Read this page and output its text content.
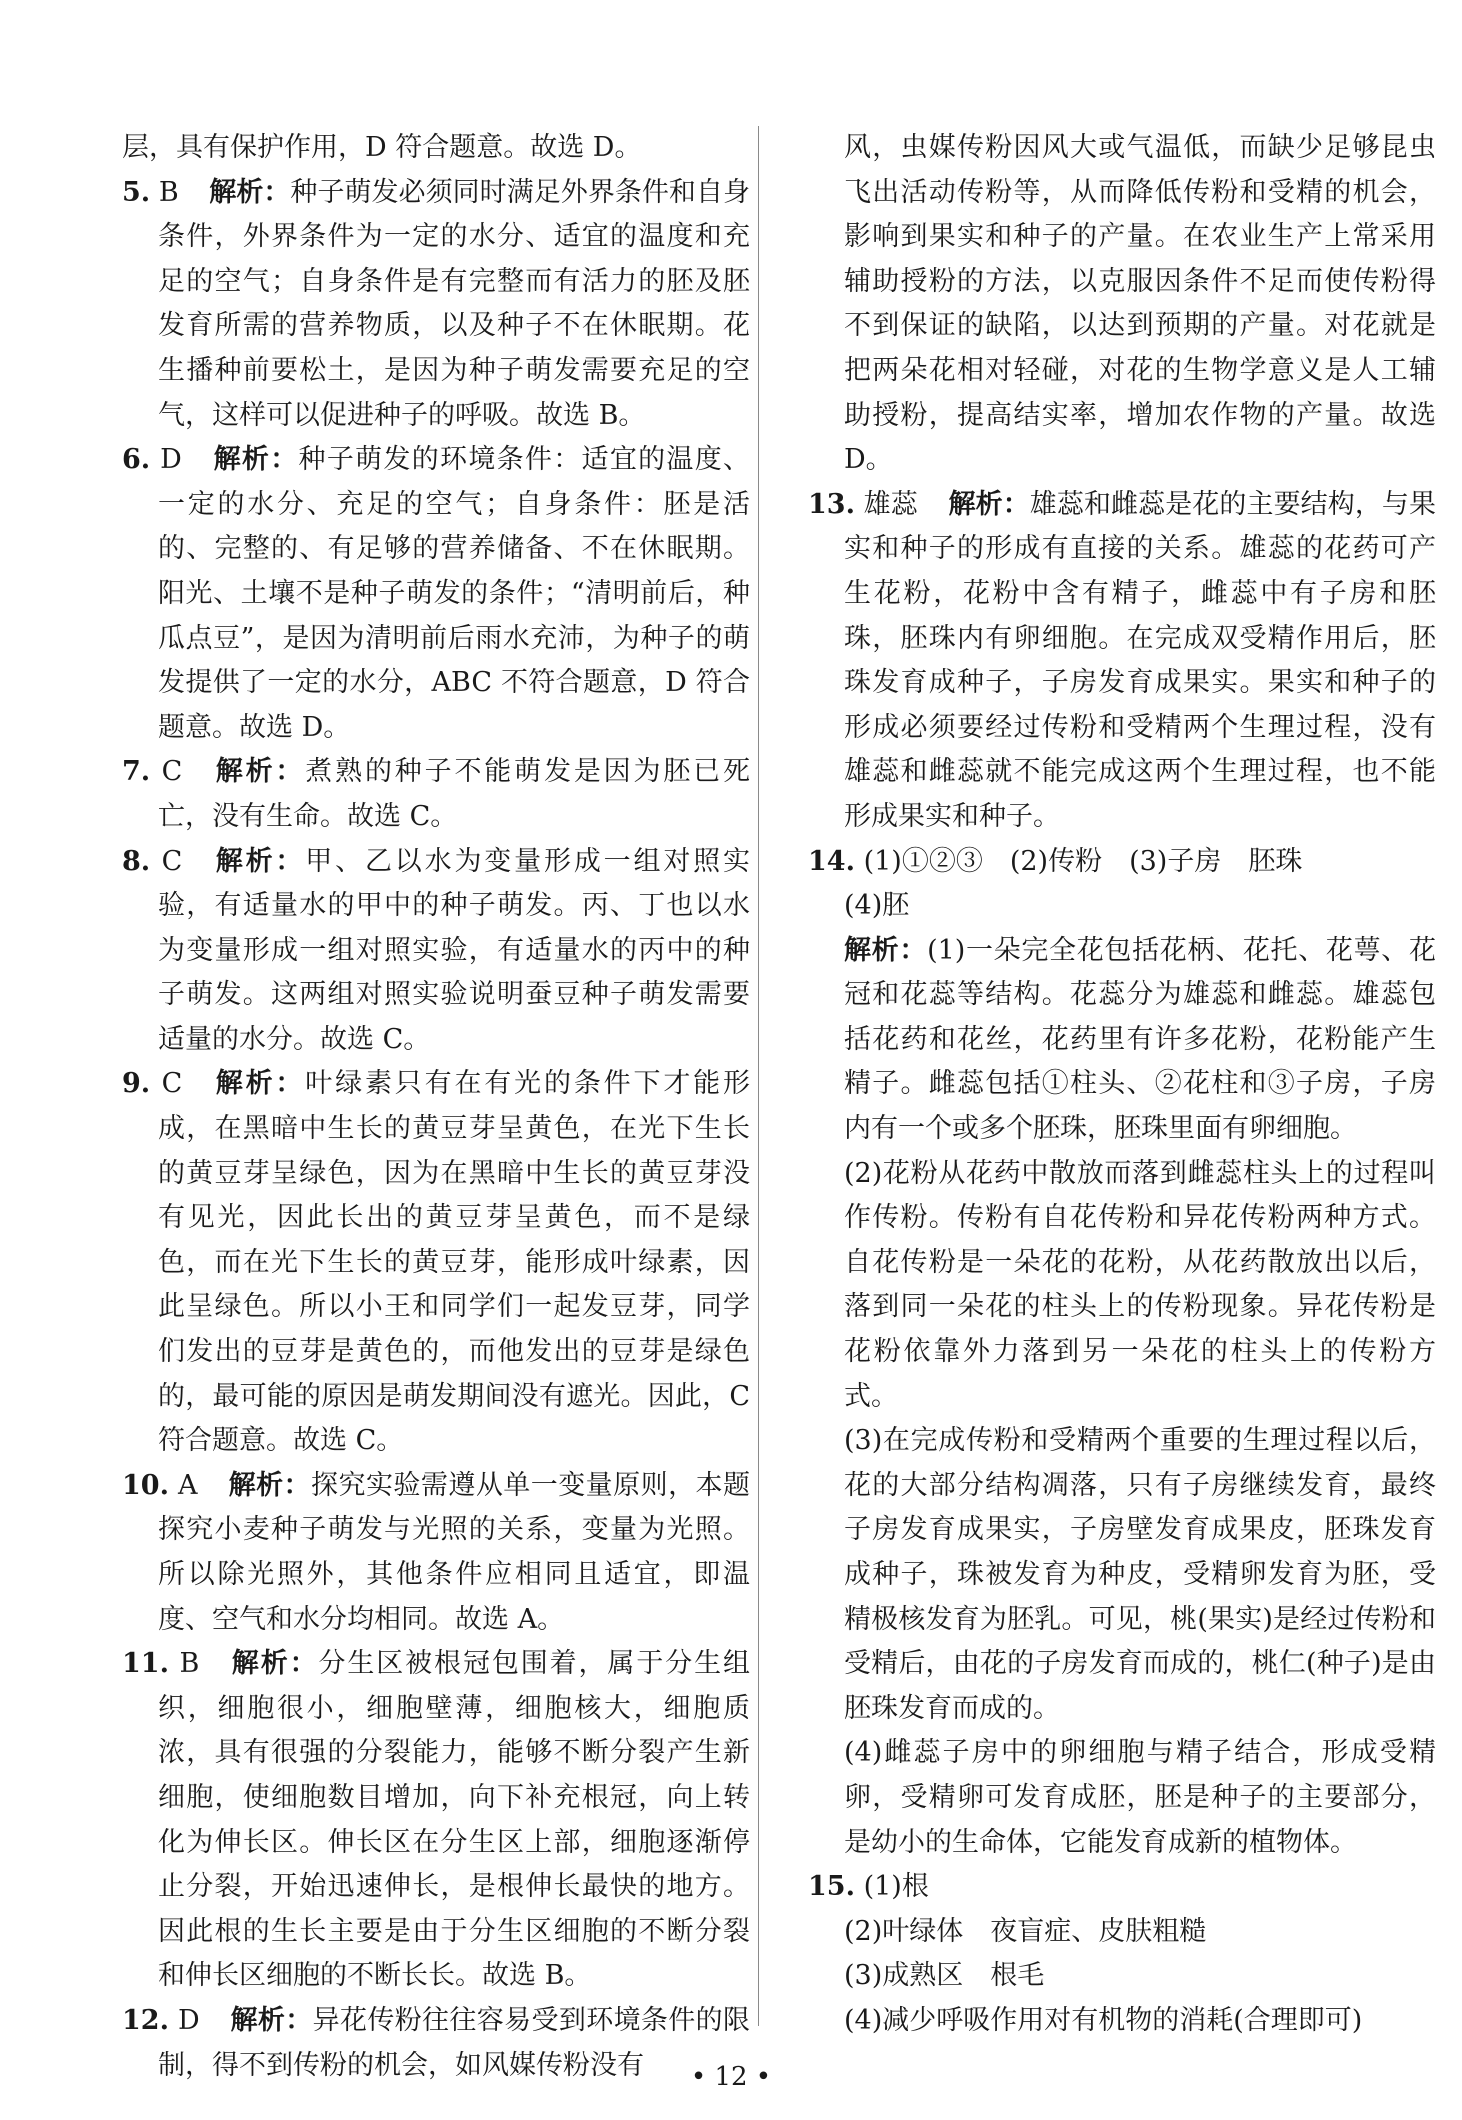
层，具有保护作用，D 符合题意。故选 D。

5. B 解析：种子萌发必须同时满足外界条件和自身条件，外界条件为一定的水分、适宜的温度和充足的空气；自身条件是有完整而有活力的胚及胚发育所需的营养物质，以及种子不在休眠期。花生播种前要松土，是因为种子萌发需要充足的空气，这样可以促进种子的呼吸。故选 B。
6. D 解析：种子萌发的环境条件：适宜的温度、一定的水分、充足的空气；自身条件：胚是活的、完整的、有足够的营养储备、不在休眠期。阳光、土壤不是种子萌发的条件；“清明前后，种瓜点豆”，是因为清明前后雨水充沛，为种子的萌发提供了一定的水分，ABC 不符合题意，D 符合题意。故选 D。
7. C 解析：煮熟的种子不能萌发是因为胚已死亡，没有生命。故选 C。
8. C 解析：甲、乙以水为变量形成一组对照实验，有适量水的甲中的种子萌发。丙、丁也以水为变量形成一组对照实验，有适量水的丙中的种子萌发。这两组对照实验说明蚕豆种子萌发需要适量的水分。故选 C。
9. C 解析：叶绿素只有在有光的条件下才能形成，在黑暗中生长的黄豆芽呈黄色，在光下生长的黄豆芽呈绿色，因为在黑暗中生长的黄豆芽没有见光，因此长出的黄豆芽呈黄色，而不是绿色，而在光下生长的黄豆芽，能形成叶绿素，因此呈绿色。所以小王和同学们一起发豆芽，同学们发出的豆芽是黄色的，而他发出的豆芽是绿色的，最可能的原因是萌发期间没有遮光。因此，C 符合题意。故选 C。
10. A 解析：探究实验需遵从单一变量原则，本题探究小麦种子萌发与光照的关系，变量为光照。所以除光照外，其他条件应相同且适宜，即温度、空气和水分均相同。故选 A。
11. B 解析：分生区被根冠包围着，属于分生组织，细胞很小，细胞壁薄，细胞核大，细胞质浓，具有很强的分裂能力，能够不断分裂产生新细胞，使细胞数目增加，向下补充根冠，向上转化为伸长区。伸长区在分生区上部，细胞逐渐停止分裂，开始迅速伸长，是根伸长最快的地方。因此根的生长主要是由于分生区细胞的不断分裂和伸长区细胞的不断长长。故选 B。
12. D 解析：异花传粉往往容易受到环境条件的限制，得不到传粉的机会，如风媒传粉没有

风，虫媒传粉因风大或气温低，而缺少足够昆虫飞出活动传粉等，从而降低传粉和受精的机会，影响到果实和种子的产量。在农业生产上常采用辅助授粉的方法，以克服因条件不足而使传粉得不到保证的缺陷，以达到预期的产量。对花就是把两朵花相对轻碰，对花的生物学意义是人工辅助授粉，提高结实率，增加农作物的产量。故选 D。

13. 雄蕊 解析：雄蕊和雌蕊是花的主要结构，与果实和种子的形成有直接的关系。雄蕊的花药可产生花粉，花粉中含有精子，雌蕊中有子房和胚珠，胚珠内有卵细胞。在完成双受精作用后，胚珠发育成种子，子房发育成果实。果实和种子的形成必须要经过传粉和受精两个生理过程，没有雄蕊和雌蕊就不能完成这两个生理过程，也不能形成果实和种子。
14. (1)①②③　(2)传粉　(3)子房　胚珠
(4)胚
解析：(1)一朵完全花包括花柄、花托、花萼、花冠和花蕊等结构。花蕊分为雄蕊和雌蕊。雄蕊包括花药和花丝，花药里有许多花粉，花粉能产生精子。雌蕊包括①柱头、②花柱和③子房，子房内有一个或多个胚珠，胚珠里面有卵细胞。
(2)花粉从花药中散放而落到雌蕊柱头上的过程叫作传粉。传粉有自花传粉和异花传粉两种方式。自花传粉是一朵花的花粉，从花药散放出以后，落到同一朵花的柱头上的传粉现象。异花传粉是花粉依靠外力落到另一朵花的柱头上的传粉方式。
(3)在完成传粉和受精两个重要的生理过程以后，花的大部分结构凋落，只有子房继续发育，最终子房发育成果实，子房壁发育成果皮，胚珠发育成种子，珠被发育为种皮，受精卵发育为胚，受精极核发育为胚乳。可见，桃(果实)是经过传粉和受精后，由花的子房发育而成的，桃仁(种子)是由胚珠发育而成的。
(4)雌蕊子房中的卵细胞与精子结合，形成受精卵，受精卵可发育成胚，胚是种子的主要部分，是幼小的生命体，它能发育成新的植物体。
15. (1)根
(2)叶绿体　夜盲症、皮肤粗糙
(3)成熟区　根毛
(4)减少呼吸作用对有机物的消耗(合理即可)
• 12 •
